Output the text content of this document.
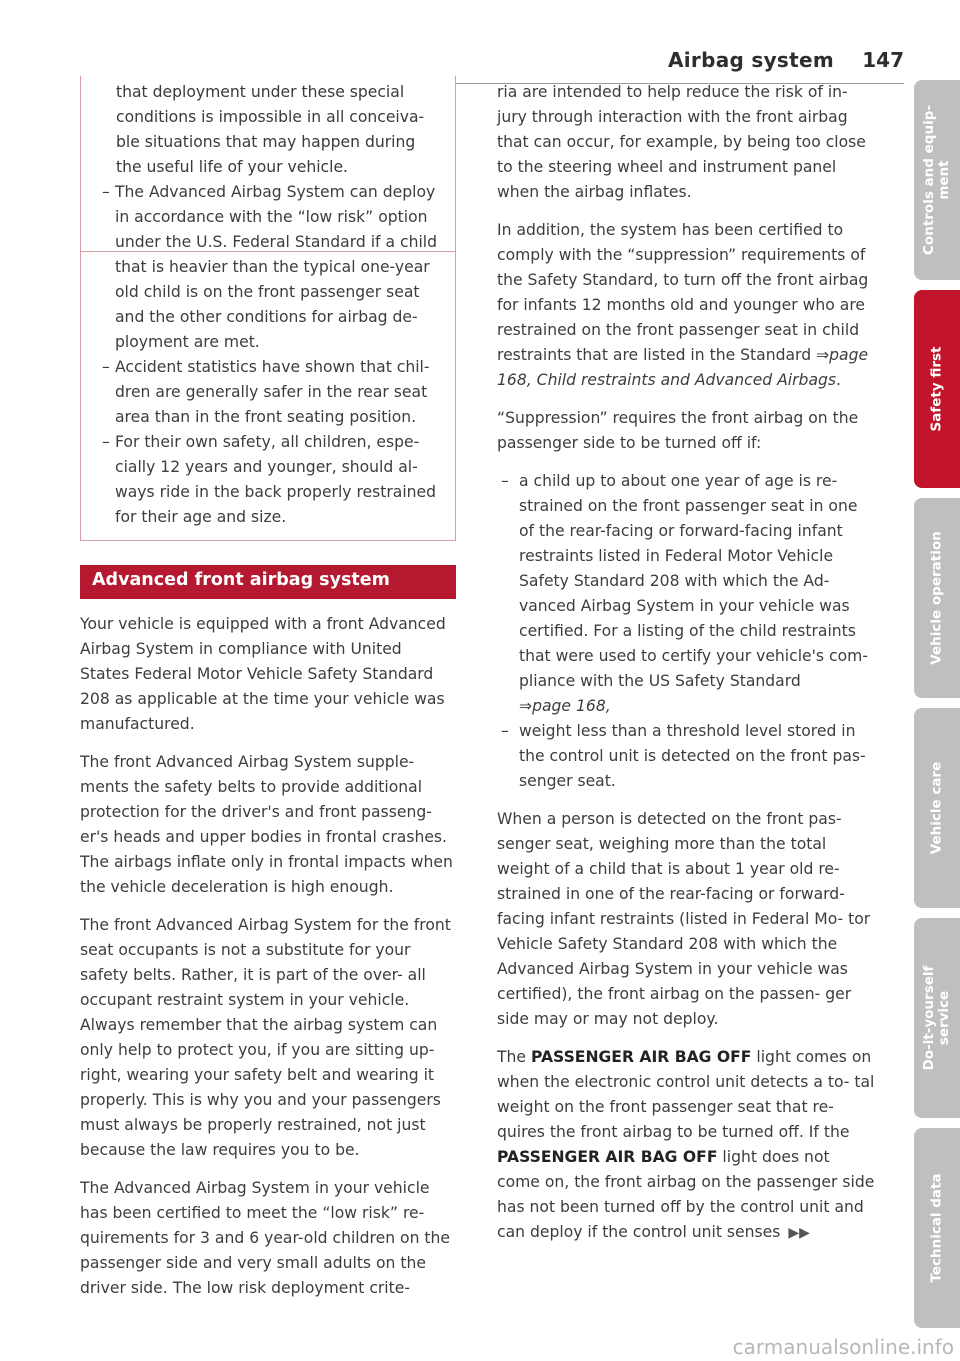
Airbag system 147

that deployment under these special

conditions is impossible in all conceiva-

ble situations that may happen during

the useful life of your vehicle.

– The Advanced Airbag System can deploy in accordance with the “low risk” option under the U.S. Federal Standard if a child that is heavier than the typical one-year old child is on the front passenger seat and the other conditions for airbag de- ployment are met.
– Accident statistics have shown that chil- dren are generally safer in the rear seat area than in the front seating position.
– For their own safety, all children, espe- cially 12 years and younger, should al- ways ride in the back properly restrained for their age and size.
Advanced front airbag system

Your vehicle is equipped with a front Advanced Airbag System in compliance with United States Federal Motor Vehicle Safety Standard 208 as applicable at the time your vehicle was manufactured.

The front Advanced Airbag System supple- ments the safety belts to provide additional protection for the driver's and front passeng- er's heads and upper bodies in frontal crashes. The airbags inflate only in frontal impacts when the vehicle deceleration is high enough.

The front Advanced Airbag System for the front seat occupants is not a substitute for your safety belts. Rather, it is part of the over- all occupant restraint system in your vehicle. Always remember that the airbag system can only help to protect you, if you are sitting up- right, wearing your safety belt and wearing it properly. This is why you and your passengers must always be properly restrained, not just because the law requires you to be.

The Advanced Airbag System in your vehicle has been certified to meet the “low risk” re- quirements for 3 and 6 year-old children on the passenger side and very small adults on the driver side. The low risk deployment crite-

ria are intended to help reduce the risk of in- jury through interaction with the front airbag that can occur, for example, by being too close to the steering wheel and instrument panel when the airbag inflates.

In addition, the system has been certified to comply with the “suppression” requirements of the Safety Standard, to turn off the front airbag for infants 12 months old and younger who are restrained on the front passenger seat in child restraints that are listed in the Standard ⇒page 168, Child restraints and Advanced Airbags.

“Suppression” requires the front airbag on the passenger side to be turned off if:

– a child up to about one year of age is re- strained on the front passenger seat in one of the rear-facing or forward-facing infant restraints listed in Federal Motor Vehicle Safety Standard 208 with which the Ad- vanced Airbag System in your vehicle was certified. For a listing of the child restraints that were used to certify your vehicle's com- pliance with the US Safety Standard
⇒page 168,
– weight less than a threshold level stored in the control unit is detected on the front pas- senger seat.

When a person is detected on the front pas- senger seat, weighing more than the total weight of a child that is about 1 year old re- strained in one of the rear-facing or forward- facing infant restraints (listed in Federal Mo- tor Vehicle Safety Standard 208 with which the Advanced Airbag System in your vehicle was certified), the front airbag on the passen- ger side may or may not deploy.

The PASSENGER AIR BAG OFF light comes on when the electronic control unit detects a to- tal weight on the front passenger seat that re- quires the front airbag to be turned off. If the PASSENGER AIR BAG OFF light does not come on, the front airbag on the passenger side has not been turned off by the control unit and can deploy if the control unit senses ▶▶

Controls and equip- ment
Safety first
Vehicle operation
Vehicle care
Do-it-yourself service
Technical data
carmanualsonline.info
